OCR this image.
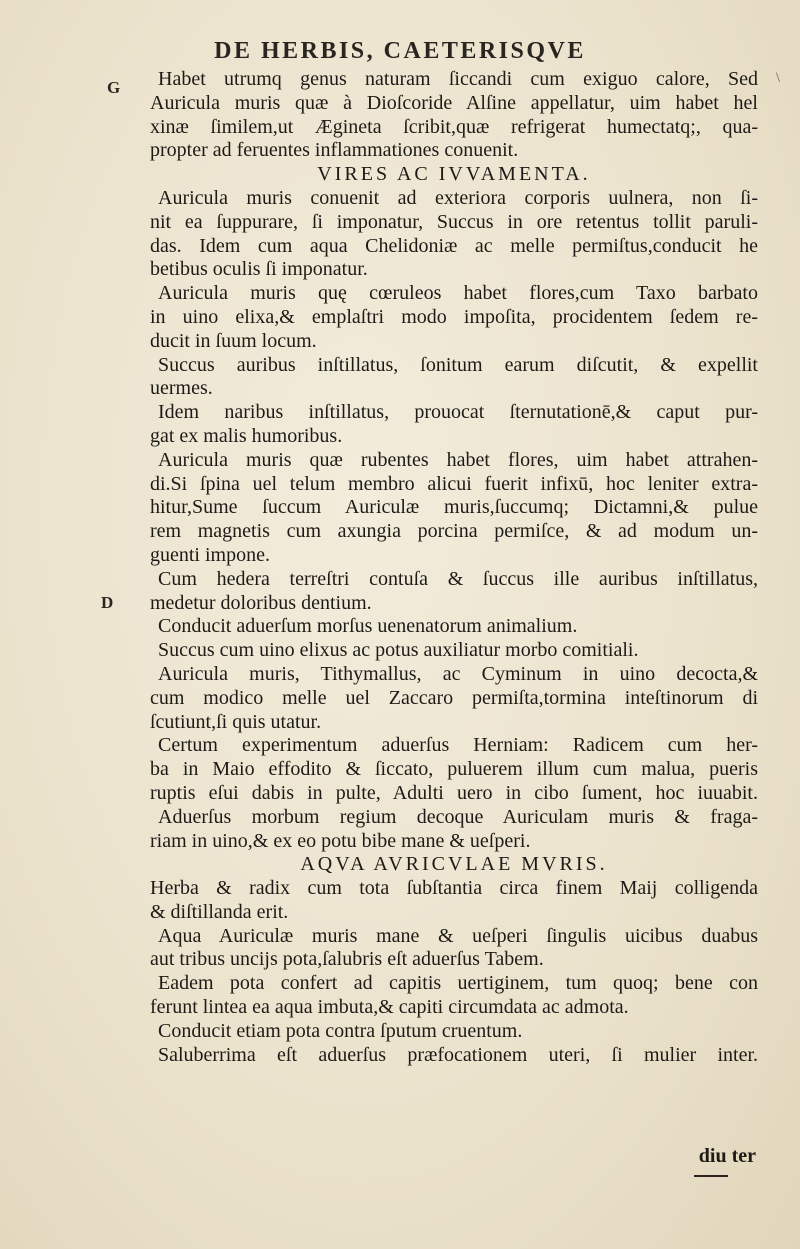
DE HERBIS, CAETERISQVE
G
D
\
Habet utrumq genus naturam ſiccandi cum exiguo calore, Sed
Auricula muris quæ à Dioſcoride Alſine appellatur, uim habet hel
xinæ ſimilem,ut Ægineta ſcribit,quæ refrigerat humectatq;, qua-
propter ad feruentes inflammationes conuenit.
VIRES AC IVVAMENTA.
Auricula muris conuenit ad exteriora corporis uulnera, non ſi-
nit ea ſuppurare, ſi imponatur, Succus in ore retentus tollit paruli-
das. Idem cum aqua Chelidoniæ ac melle permiſtus,conducit he
betibus oculis ſi imponatur.
Auricula muris quę cœruleos habet flores,cum Taxo barbato
in uino elixa,& emplaſtri modo impoſita, procidentem ſedem re-
ducit in ſuum locum.
Succus auribus inſtillatus, ſonitum earum diſcutit, & expellit
uermes.
Idem naribus inſtillatus, prouocat ſternutationē,& caput pur-
gat ex malis humoribus.
Auricula muris quæ rubentes habet flores, uim habet attrahen-
di.Si ſpina uel telum membro alicui fuerit infixū, hoc leniter extra-
hitur,Sume ſuccum Auriculæ muris,ſuccumq; Dictamni,& pulue
rem magnetis cum axungia porcina permiſce, & ad modum un-
guenti impone.
Cum hedera terreſtri contuſa & ſuccus ille auribus inſtillatus,
medetur doloribus dentium.
Conducit aduerſum morſus uenenatorum animalium.
Succus cum uino elixus ac potus auxiliatur morbo comitiali.
Auricula muris, Tithymallus, ac Cyminum in uino decocta,&
cum modico melle uel Zaccaro permiſta,tormina inteſtinorum di
ſcutiunt,ſi quis utatur.
Certum experimentum aduerſus Herniam: Radicem cum her-
ba in Maio effodito & ſiccato, puluerem illum cum malua, pueris
ruptis eſui dabis in pulte, Adulti uero in cibo ſument, hoc iuuabit.
Aduerſus morbum regium decoque Auriculam muris & fraga-
riam in uino,& ex eo potu bibe mane & ueſperi.
AQVA AVRICVLAE MVRIS.
Herba & radix cum tota ſubſtantia circa finem Maij colligenda
& diſtillanda erit.
Aqua Auriculæ muris mane & ueſperi ſingulis uicibus duabus
aut tribus uncijs pota,ſalubris eſt aduerſus Tabem.
Eadem pota confert ad capitis uertiginem, tum quoq; bene con
ferunt lintea ea aqua imbuta,& capiti circumdata ac admota.
Conducit etiam pota contra ſputum cruentum.
Saluberrima eſt aduerſus præfocationem uteri, ſi mulier inter.
diu ter
